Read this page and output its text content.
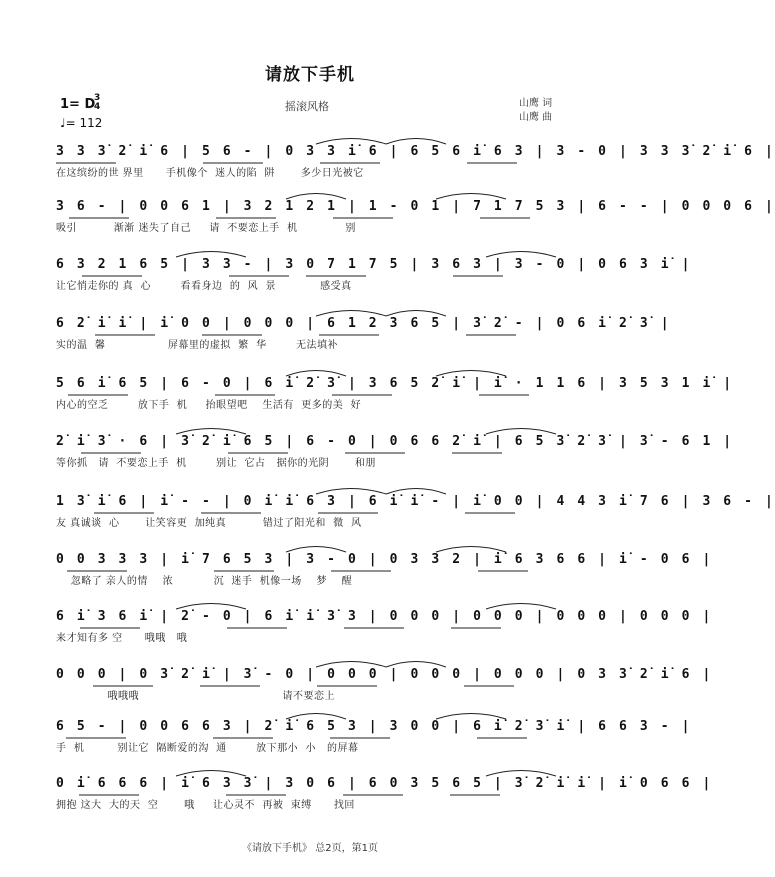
请放下手机
1= D
3
4
♩= 112
摇滚风格	山鹰 词
山鹰 曲
3 3 3̇ 2̇ i̇ 6 | 5 6 - | 0 3 3 i̇ 6 | 6 5 6 i̇ 6 3 | 3 - 0 | 3 3 3̇ 2̇ i̇ 6 |
在这缤纷的世 界里      手机像个  迷人的陷  阱       多少日光被它
3 6 - | 0 0 6 1 | 3 2 1 2 1 | 1 - 0 1 | 7 1 7 5 3 | 6 - - | 0 0 0 6 |
吸引          渐渐 迷失了自己     请  不要恋上手  机             别
6 3 2 1 6 5 | 3 3 - | 3 0 7 1 7 5 | 3 6 3 | 3 - 0 | 0 6 3 i̇ |
让它悄走你的 真  心        看看身边  的  风  景            感受真
6 2̇ i̇ i̇ | i̇ 0 0 | 0 0 0 | 6 1 2 3 6 5 | 3̇ 2̇ - | 0 6 i̇ 2̇ 3̇ |
实的温  馨                 屏幕里的虚拟  繁  华        无法填补
5 6 i̇ 6 5 | 6 - 0 | 6 i̇ 2̇ 3̇ | 3 6 5 2̇ i̇ | i̇ · 1 1 6 | 3 5 3 1 i̇ |
内心的空乏        放下手  机     抬眼望吧    生活有  更多的美  好
2̇ i̇ 3̇ · 6 | 3̇ 2̇ i̇ 6 5 | 6 - 0 | 0 6 6 2̇ i̇ | 6 5 3̇ 2̇ 3̇ | 3̇ - 6 1 |
等你抓   请  不要恋上手  机        别让  它占   据你的光阴       和朋
1 3̇ i̇ 6 | i̇ - - | 0 i̇ i̇ 6 3 | 6 i̇ i̇ - | i̇ 0 0 | 4 4 3 i̇ 7 6 | 3 6 - |
友 真诚谈  心       让笑容更  加纯真          错过了阳光和  微  风
0 0 3 3 3 | i̇ 7 6 5 3 | 3 - 0 | 0 3 3 2 | i̇ 6 3 6 6 | i̇ - 0 6 |
忽略了 亲人的情    浓           沉  迷手  机像一场    梦    醒
6 i̇ 3 6 i̇ | 2̇ - 0 | 6 i̇ i̇ 3̇ 3 | 0 0 0 | 0 0 0 | 0 0 0 | 0 0 0 |
来才知有多 空      哦哦   哦
0 0 0 | 0 3̇ 2̇ i̇ | 3̇ - 0 | 0 0 0 | 0 0 0 | 0 0 0 | 0 3 3̇ 2̇ i̇ 6 |
哦哦哦                                       请不要恋上
6 5 - | 0 0 6 6 3 | 2̇ i̇ 6 5 3 | 3 0 0 | 6 i̇ 2̇ 3̇ i̇ | 6 6 3 - |
手  机         别让它  隔断爱的沟  通        放下那小  小   的屏幕
0 i̇ 6 6 6 | i̇ 6 3 3̇ | 3 0 6 | 6 0 3 5 6 5 | 3̇ 2̇ i̇ i̇ | i̇ 0 6 6 |
拥抱 这大  大的天  空       哦     让心灵不  再被  束缚      找回
《请放下手机》 总2页，第1页
